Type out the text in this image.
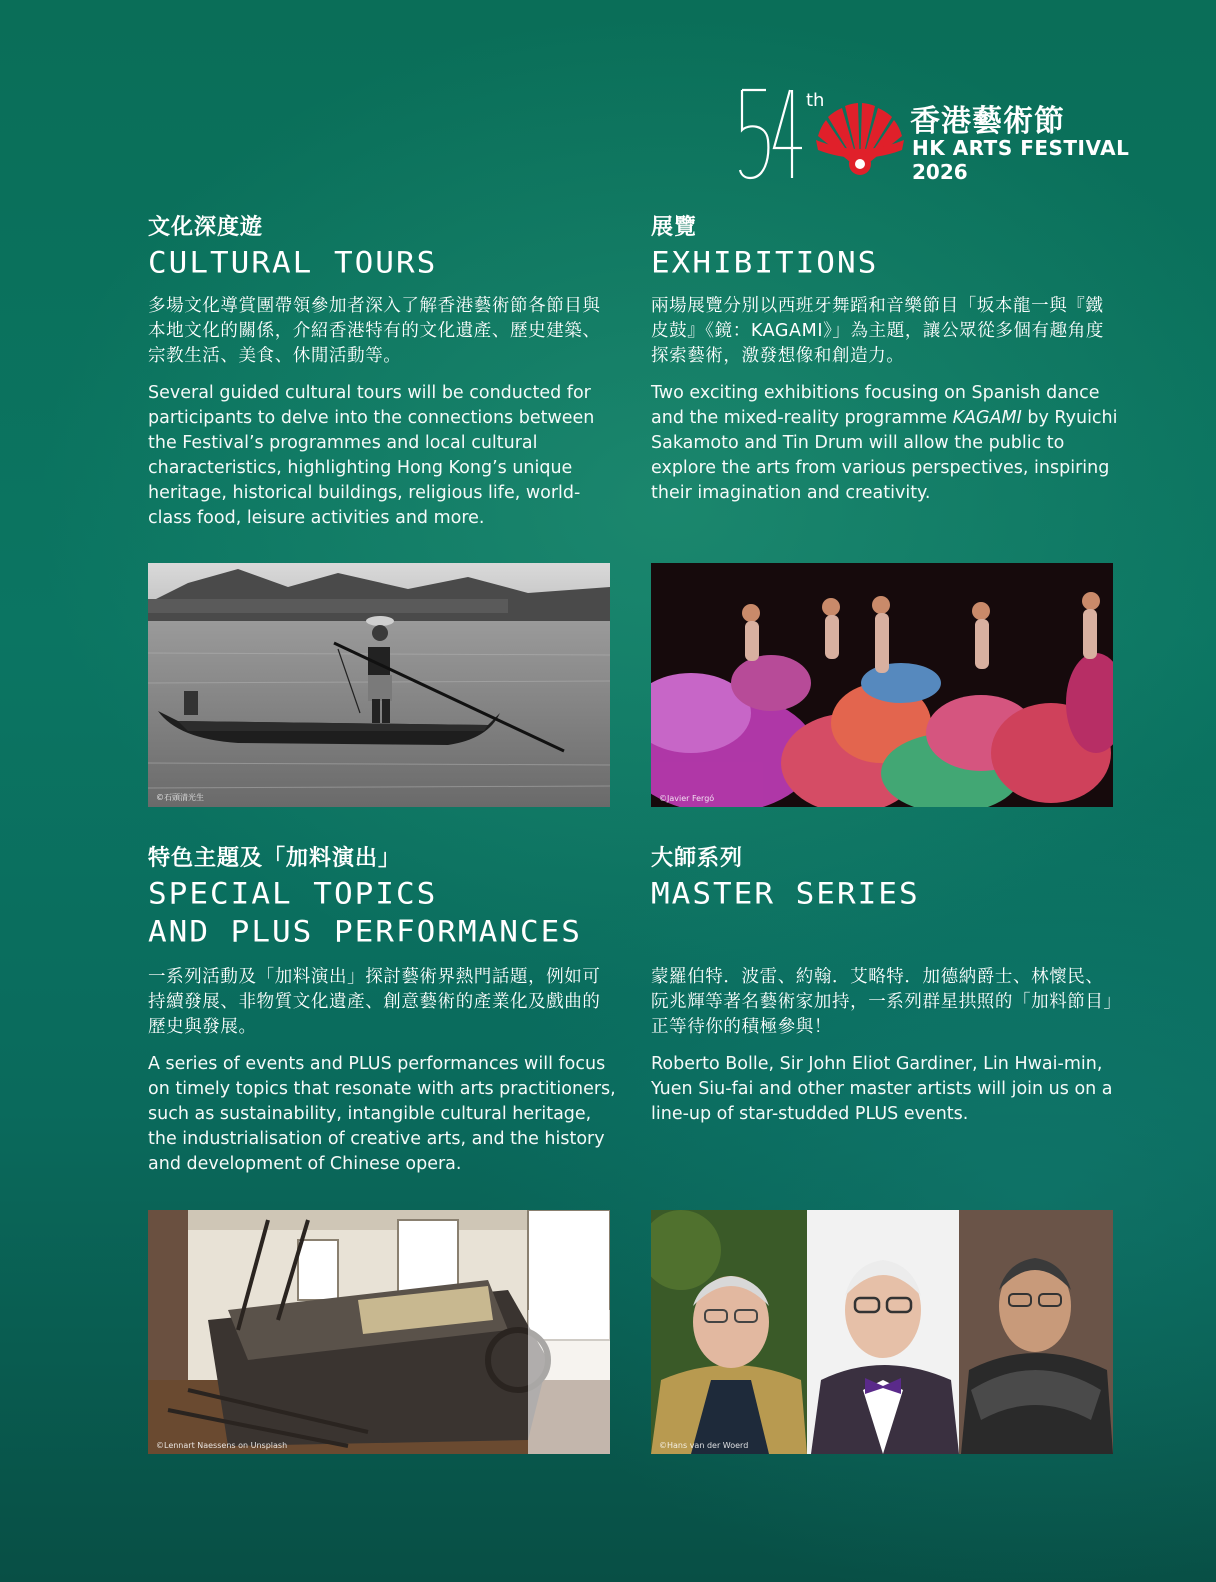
th
香港藝術節
HK ARTS FESTIVAL
2026
文化深度遊
CULTURAL TOURS

多場文化導賞團帶領參加者深入了解香港藝術節各節目與本地文化的關係，介紹香港特有的文化遺產、歷史建築、宗教生活、美食、休閒活動等。

Several guided cultural tours will be conducted for participants to delve into the connections between the Festival’s programmes and local cultural characteristics, highlighting Hong Kong’s unique heritage, historical buildings, religious life, world-class food, leisure activities and more.

©石頭清光生
展覽
EXHIBITIONS

兩場展覽分別以西班牙舞蹈和音樂節目「坂本龍一與『鐵皮鼓』《鏡：KAGAMI》」為主題，讓公眾從多個有趣角度探索藝術，激發想像和創造力。

Two exciting exhibitions focusing on Spanish dance and the mixed-reality programme KAGAMI by Ryuichi Sakamoto and Tin Drum will allow the public to explore the arts from various perspectives, inspiring their imagination and creativity.

©Javier Fergó
特色主題及「加料演出」
SPECIAL TOPICS
AND PLUS PERFORMANCES

一系列活動及「加料演出」探討藝術界熱門話題，例如可持續發展、非物質文化遺產、創意藝術的產業化及戲曲的歷史與發展。

A series of events and PLUS performances will focus on timely topics that resonate with arts practitioners, such as sustainability, intangible cultural heritage, the industrialisation of creative arts, and the history and development of Chinese opera.

©Lennart Naessens on Unsplash
大師系列
MASTER SERIES

蒙羅伯特．波雷、約翰．艾略特．加德納爵士、林懷民、阮兆輝等著名藝術家加持，一系列群星拱照的「加料節目」正等待你的積極參與！

Roberto Bolle, Sir John Eliot Gardiner, Lin Hwai-min, Yuen Siu-fai and other master artists will join us on a line-up of star-studded PLUS events.

©Hans van der Woerd
